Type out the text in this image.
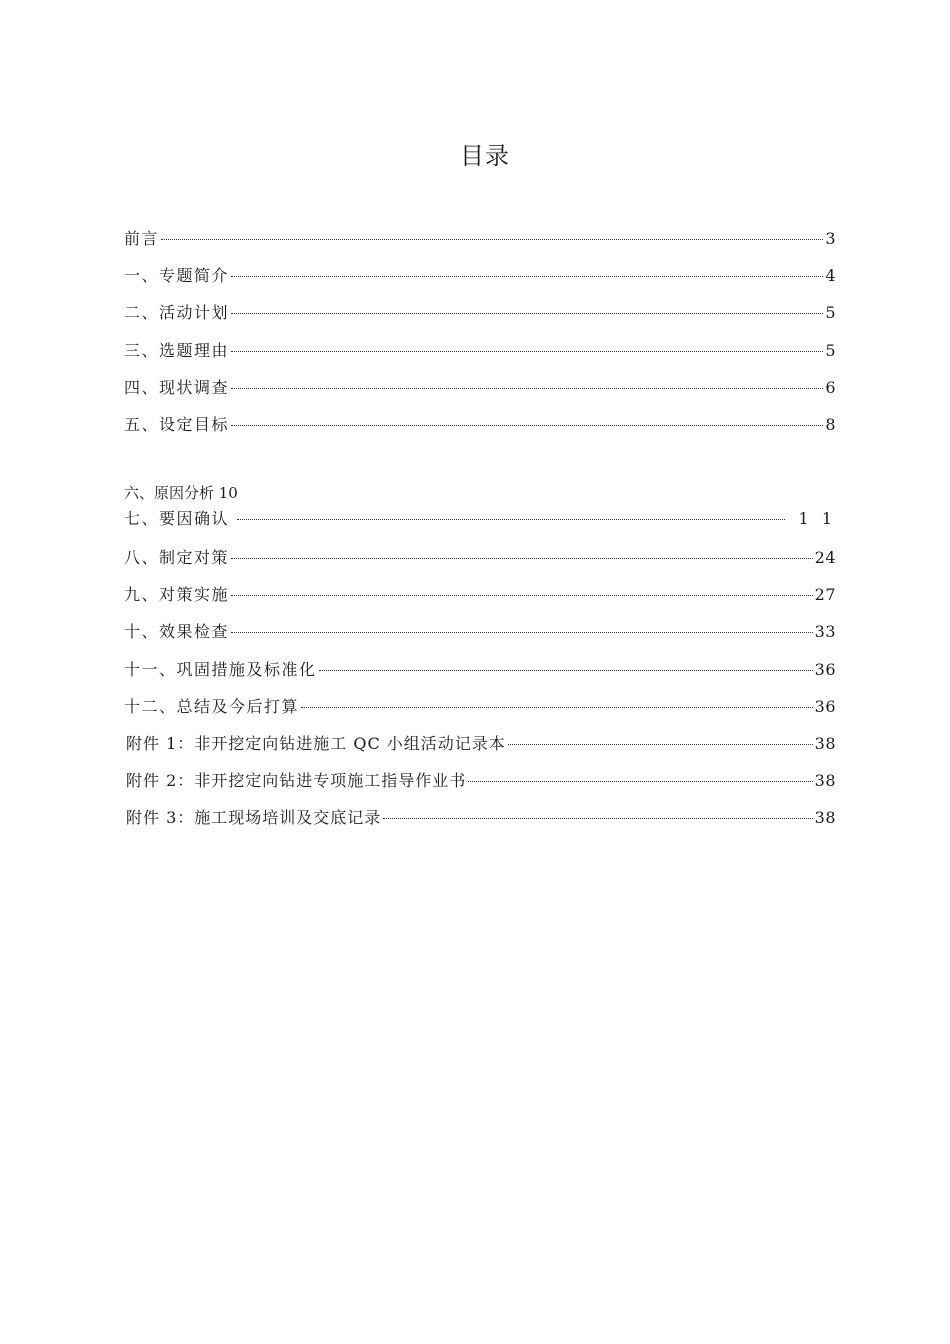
目录
前言	3
一、专题简介	4
二、活动计划	5
三、选题理由	5
四、现状调查	6
五、设定目标	8
六、原因分析 10
七、要因确认	1 1
八、制定对策	24
九、对策实施	27
十、效果检查	33
十一、巩固措施及标准化	36
十二、总结及今后打算	36
附件 1：非开挖定向钻进施工 QC 小组活动记录本	38
附件 2：非开挖定向钻进专项施工指导作业书	38
附件 3：施工现场培训及交底记录	38
